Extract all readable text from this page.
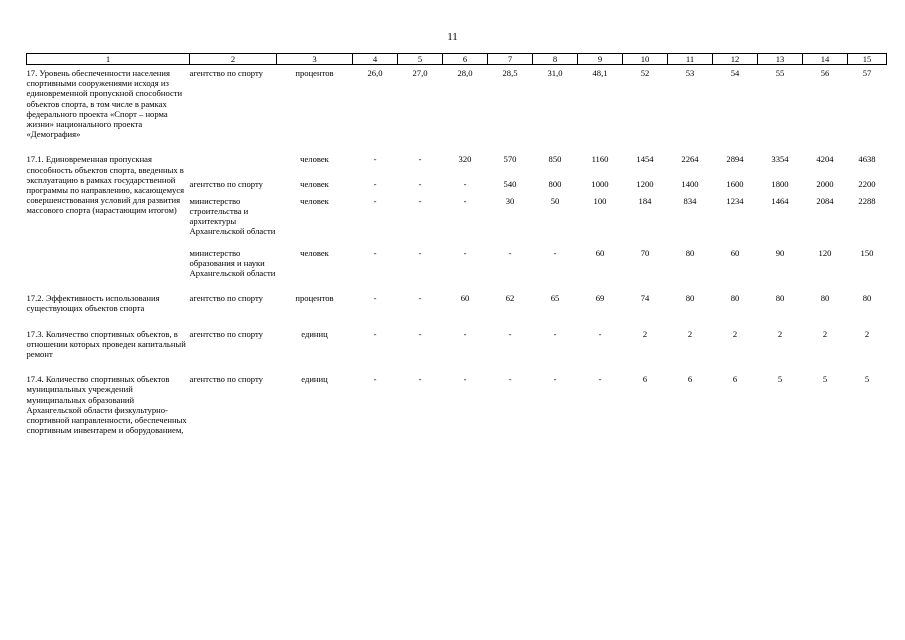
11
1	2	3	4	5	6	7	8	9	10	11	12	13	14	15
17. Уровень обеспеченности населения спортивными сооружениями исходя из единовременной пропускной способности объектов спорта, в том числе в рамках федерального проекта «Спорт – норма жизни» национального проекта «Демография»	агентство по спорту	процентов	26,0	27,0	28,0	28,5	31,0	48,1	52	53	54	55	56	57
17.1. Единовременная пропускная способность объектов спорта, введенных в эксплуатацию в рамках государственной программы по направлению, касающемуся совершенствования условий для развития массового спорта (нарастающим итогом)		человек	-	-	320	570	850	1160	1454	2264	2894	3354	4204	4638
	агентство по спорту	человек	-	-	-	540	800	1000	1200	1400	1600	1800	2000	2200
	министерство строительства и архитектуры Архангельской области	человек	-	-	-	30	50	100	184	834	1234	1464	2084	2288
	министерство образования и науки Архангельской области	человек	-	-	-	-	-	60	70	80	60	90	120	150
17.2. Эффективность использования существующих объектов спорта	агентство по спорту	процентов	-	-	60	62	65	69	74	80	80	80	80	80
17.3. Количество спортивных объектов, в отношении которых проведен капитальный ремонт	агентство по спорту	единиц	-	-	-	-	-	-	2	2	2	2	2	2
17.4. Количество спортивных объектов муниципальных учреждений муниципальных образований Архангельской области физкультурно-спортивной направленности, обеспеченных спортивным инвентарем и оборудованием,	агентство по спорту	единиц	-	-	-	-	-	-	6	6	6	5	5	5
